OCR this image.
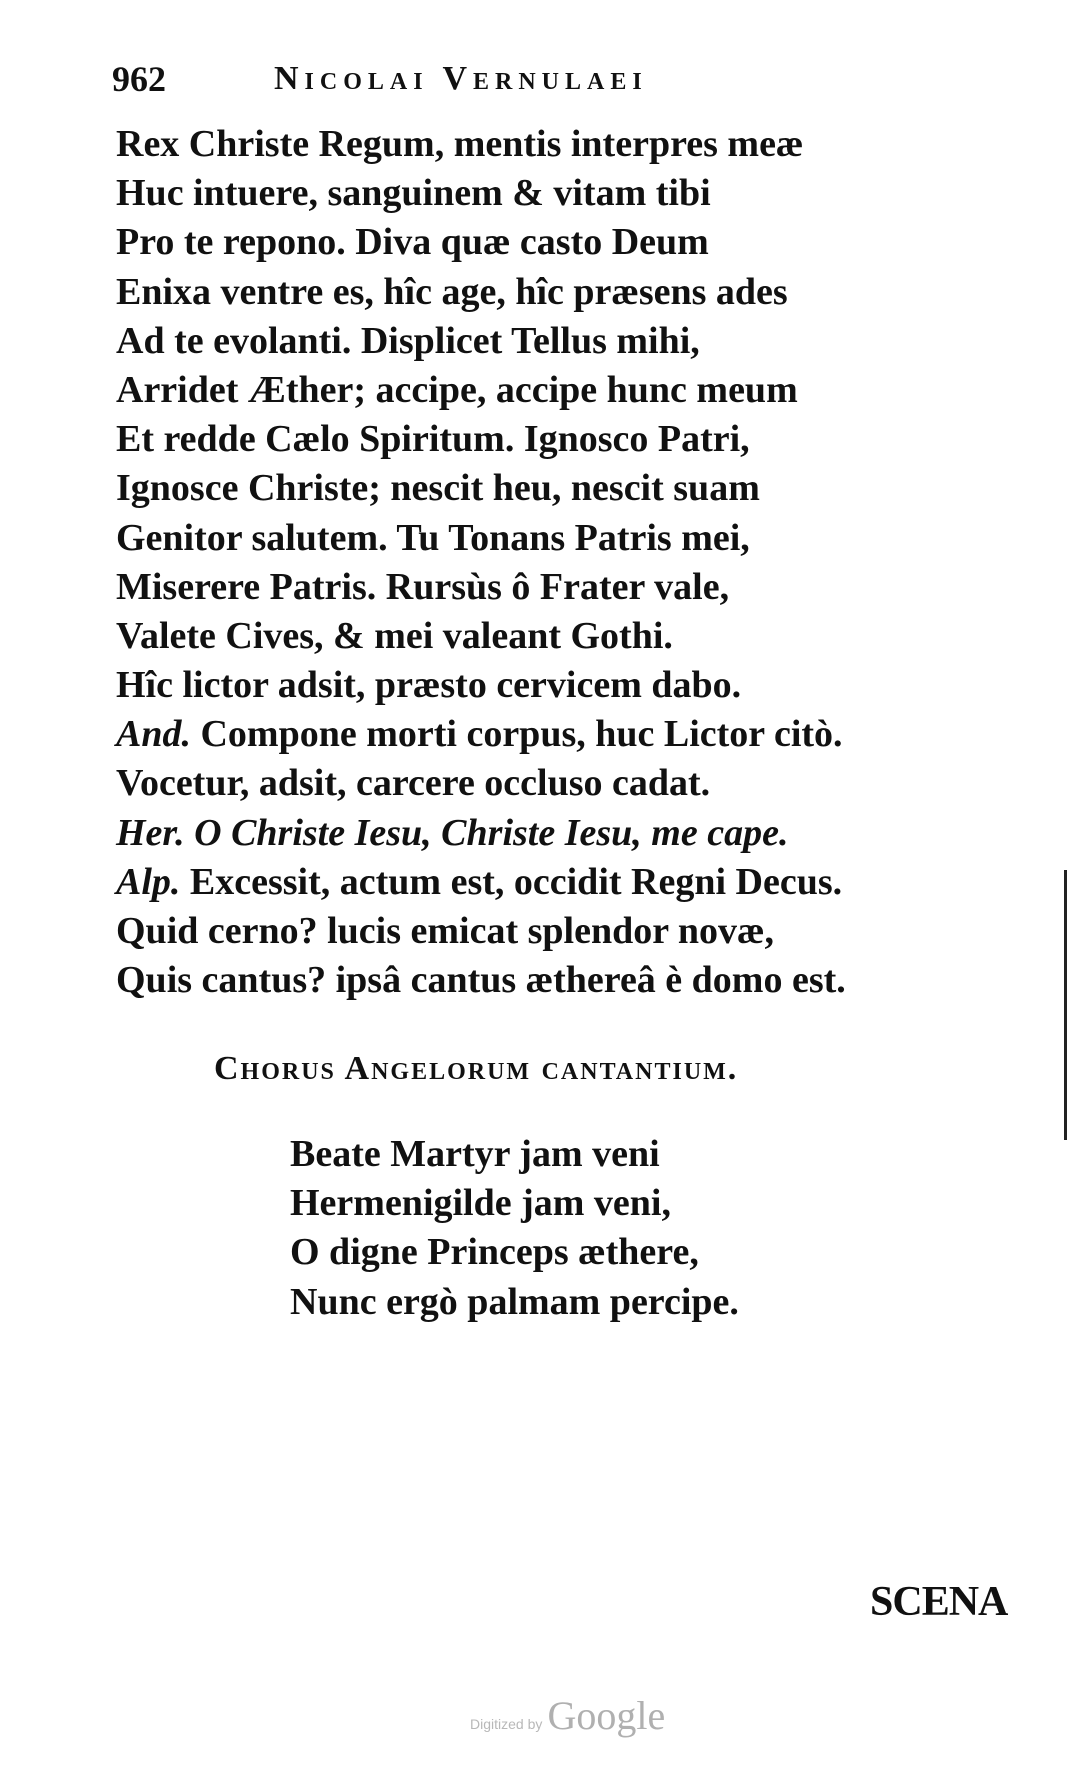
962	Nicolai Vernulaei
Rex Christe Regum, mentis interpres meæ
Huc intuere, sanguinem & vitam tibi
Pro te repono. Diva quæ casto Deum
Enixa ventre es, hîc age, hîc præsens ades
Ad te evolanti. Displicet Tellus mihi,
Arridet Æther; accipe, accipe hunc meum
Et redde Cælo Spiritum. Ignosco Patri,
Ignosce Christe; nescit heu, nescit suam
Genitor salutem. Tu Tonans Patris mei,
Miserere Patris. Rursùs ô Frater vale,
Valete Cives, & mei valeant Gothi.
Hîc lictor adsit, præsto cervicem dabo.
And. Compone morti corpus, huc Lictor citò.
Vocetur, adsit, carcere occluso cadat.
Her. O Christe Iesu, Christe Iesu, me cape.
Alp. Excessit, actum est, occidit Regni Decus.
Quid cerno? lucis emicat splendor novæ,
Quis cantus? ipsâ cantus æthereâ è domo est.
Chorus Angelorum cantantium.
Beate Martyr jam veni
Hermenigilde jam veni,
O digne Princeps æthere,
Nunc ergò palmam percipe.
SCENA
Digitized by Google
